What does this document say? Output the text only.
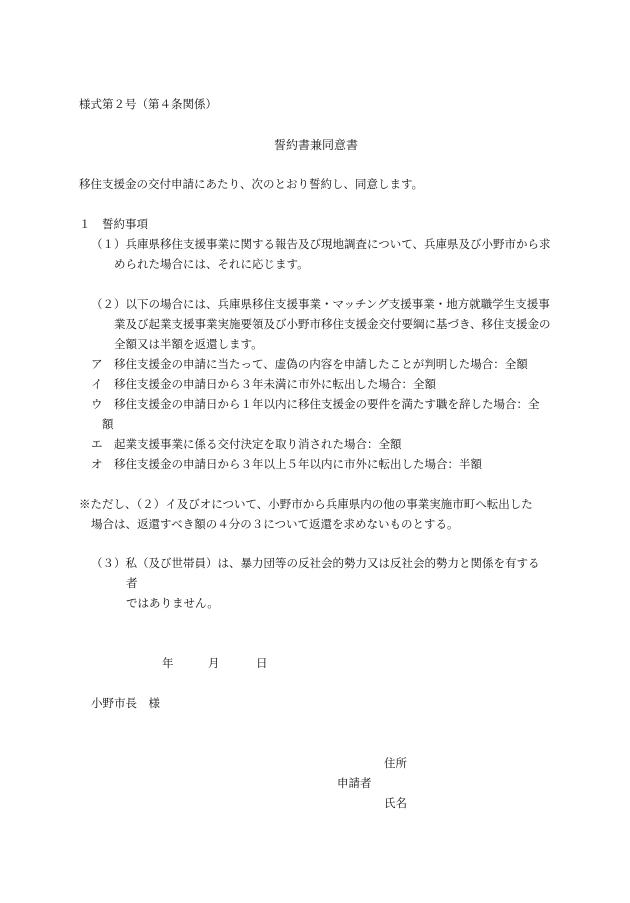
様式第２号（第４条関係）
誓約書兼同意書
移住支援金の交付申請にあたり、次のとおり誓約し、同意します。
１　誓約事項
（１）兵庫県移住支援事業に関する報告及び現地調査について、兵庫県及び小野市から求
められた場合には、それに応じます。
（２）以下の場合には、兵庫県移住支援事業・マッチング支援事業・地方就職学生支援事
業及び起業支援事業実施要領及び小野市移住支援金交付要綱に基づき、移住支援金の
全額又は半額を返還します。
ア　移住支援金の申請に当たって、虚偽の内容を申請したことが判明した場合：全額
イ　移住支援金の申請日から３年未満に市外に転出した場合：全額
ウ　移住支援金の申請日から１年以内に移住支援金の要件を満たす職を辞した場合：全
額
エ　起業支援事業に係る交付決定を取り消された場合：全額
オ　移住支援金の申請日から３年以上５年以内に市外に転出した場合：半額
※ただし、（２）イ及びオについて、小野市から兵庫県内の他の事業実施市町へ転出した
場合は、返還すべき額の４分の３について返還を求めないものとする。
（３）私（及び世帯員）は、暴力団等の反社会的勢力又は反社会的勢力と関係を有する
者
ではありません。
年	月	日
小野市長　様
住所
申請者
氏名
